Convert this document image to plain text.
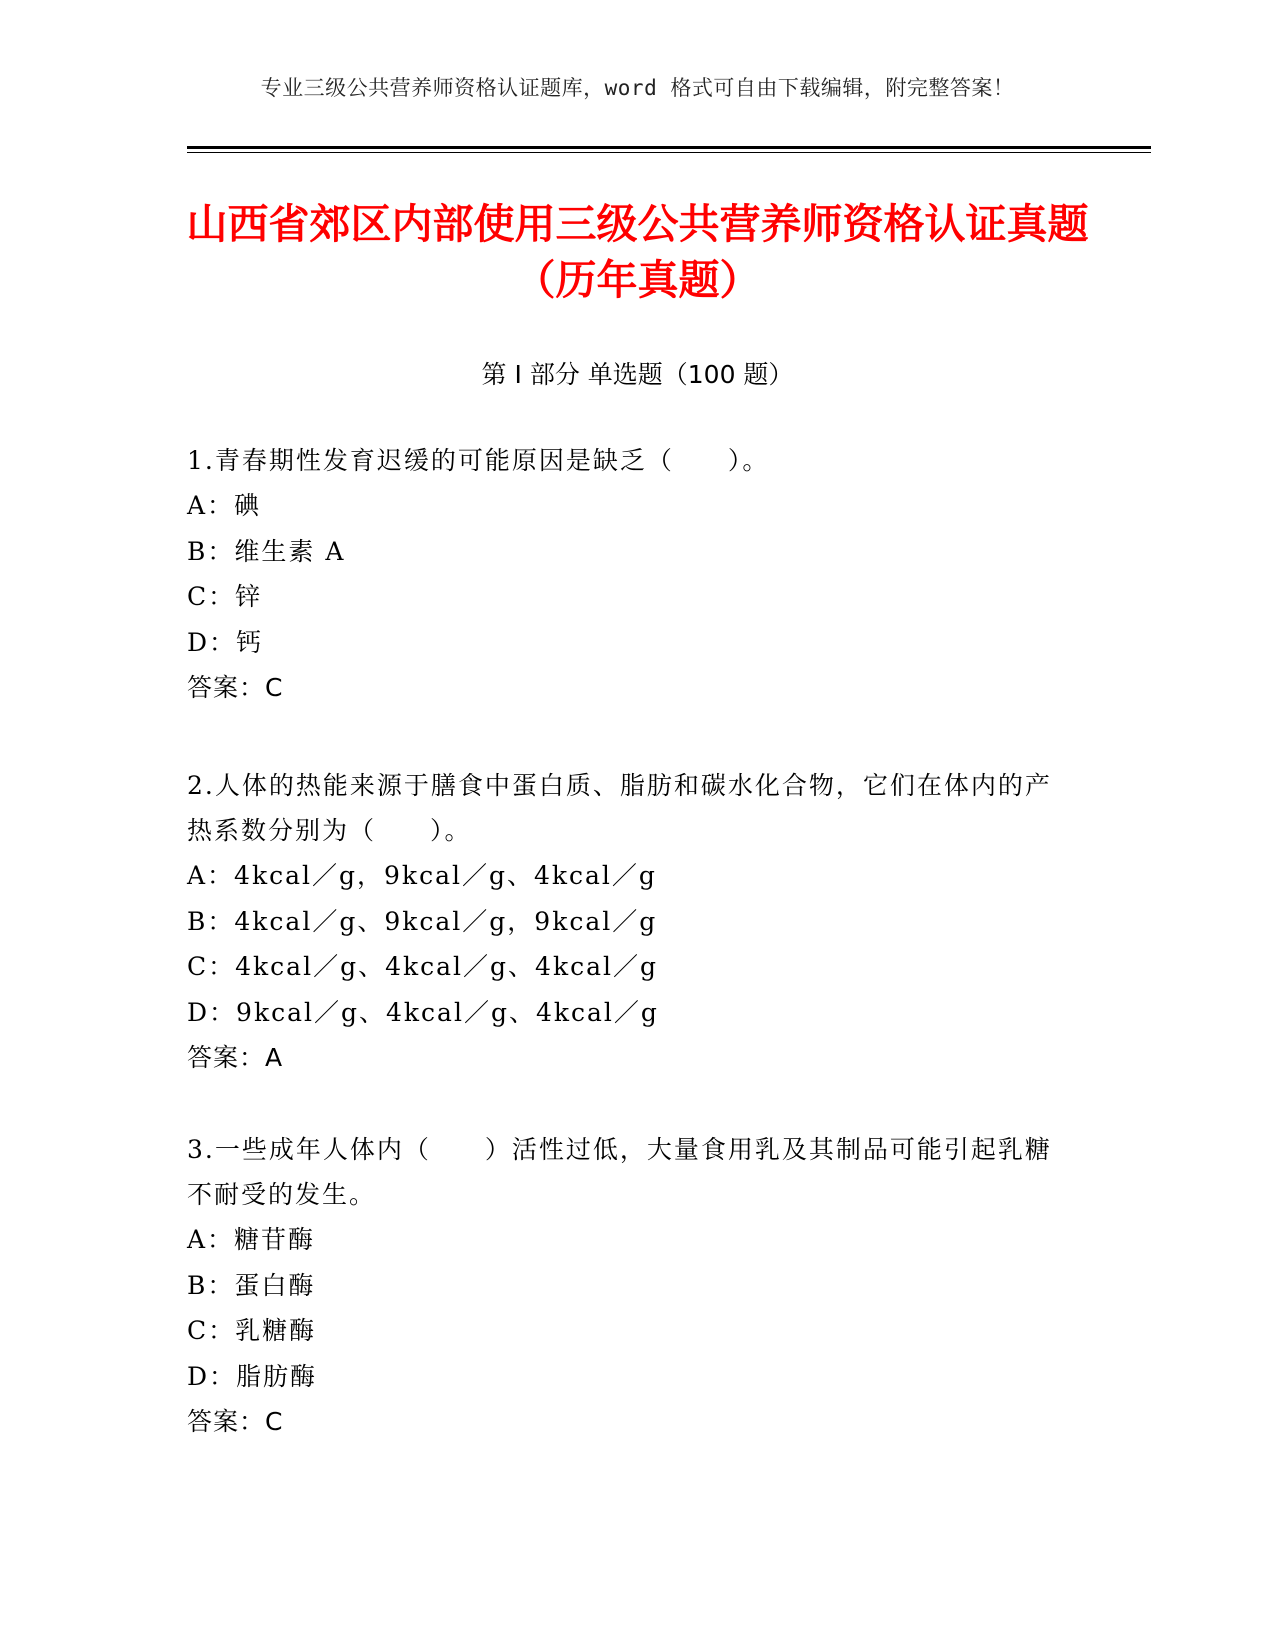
专业三级公共营养师资格认证题库，word 格式可自由下载编辑，附完整答案！
山西省郊区内部使用三级公共营养师资格认证真题（历年真题）
第 I 部分 单选题（100 题）
1.青春期性发育迟缓的可能原因是缺乏（　　）。
A：碘
B：维生素 A
C：锌
D：钙
答案：C
2.人体的热能来源于膳食中蛋白质、脂肪和碳水化合物，它们在体内的产热系数分别为（　　）。
A：4kcal／g，9kcal／g、4kcal／g
B：4kcal／g、9kcal／g，9kcal／g
C：4kcal／g、4kcal／g、4kcal／g
D：9kcal／g、4kcal／g、4kcal／g
答案：A
3.一些成年人体内（　　）活性过低，大量食用乳及其制品可能引起乳糖不耐受的发生。
A：糖苷酶
B：蛋白酶
C：乳糖酶
D：脂肪酶
答案：C
